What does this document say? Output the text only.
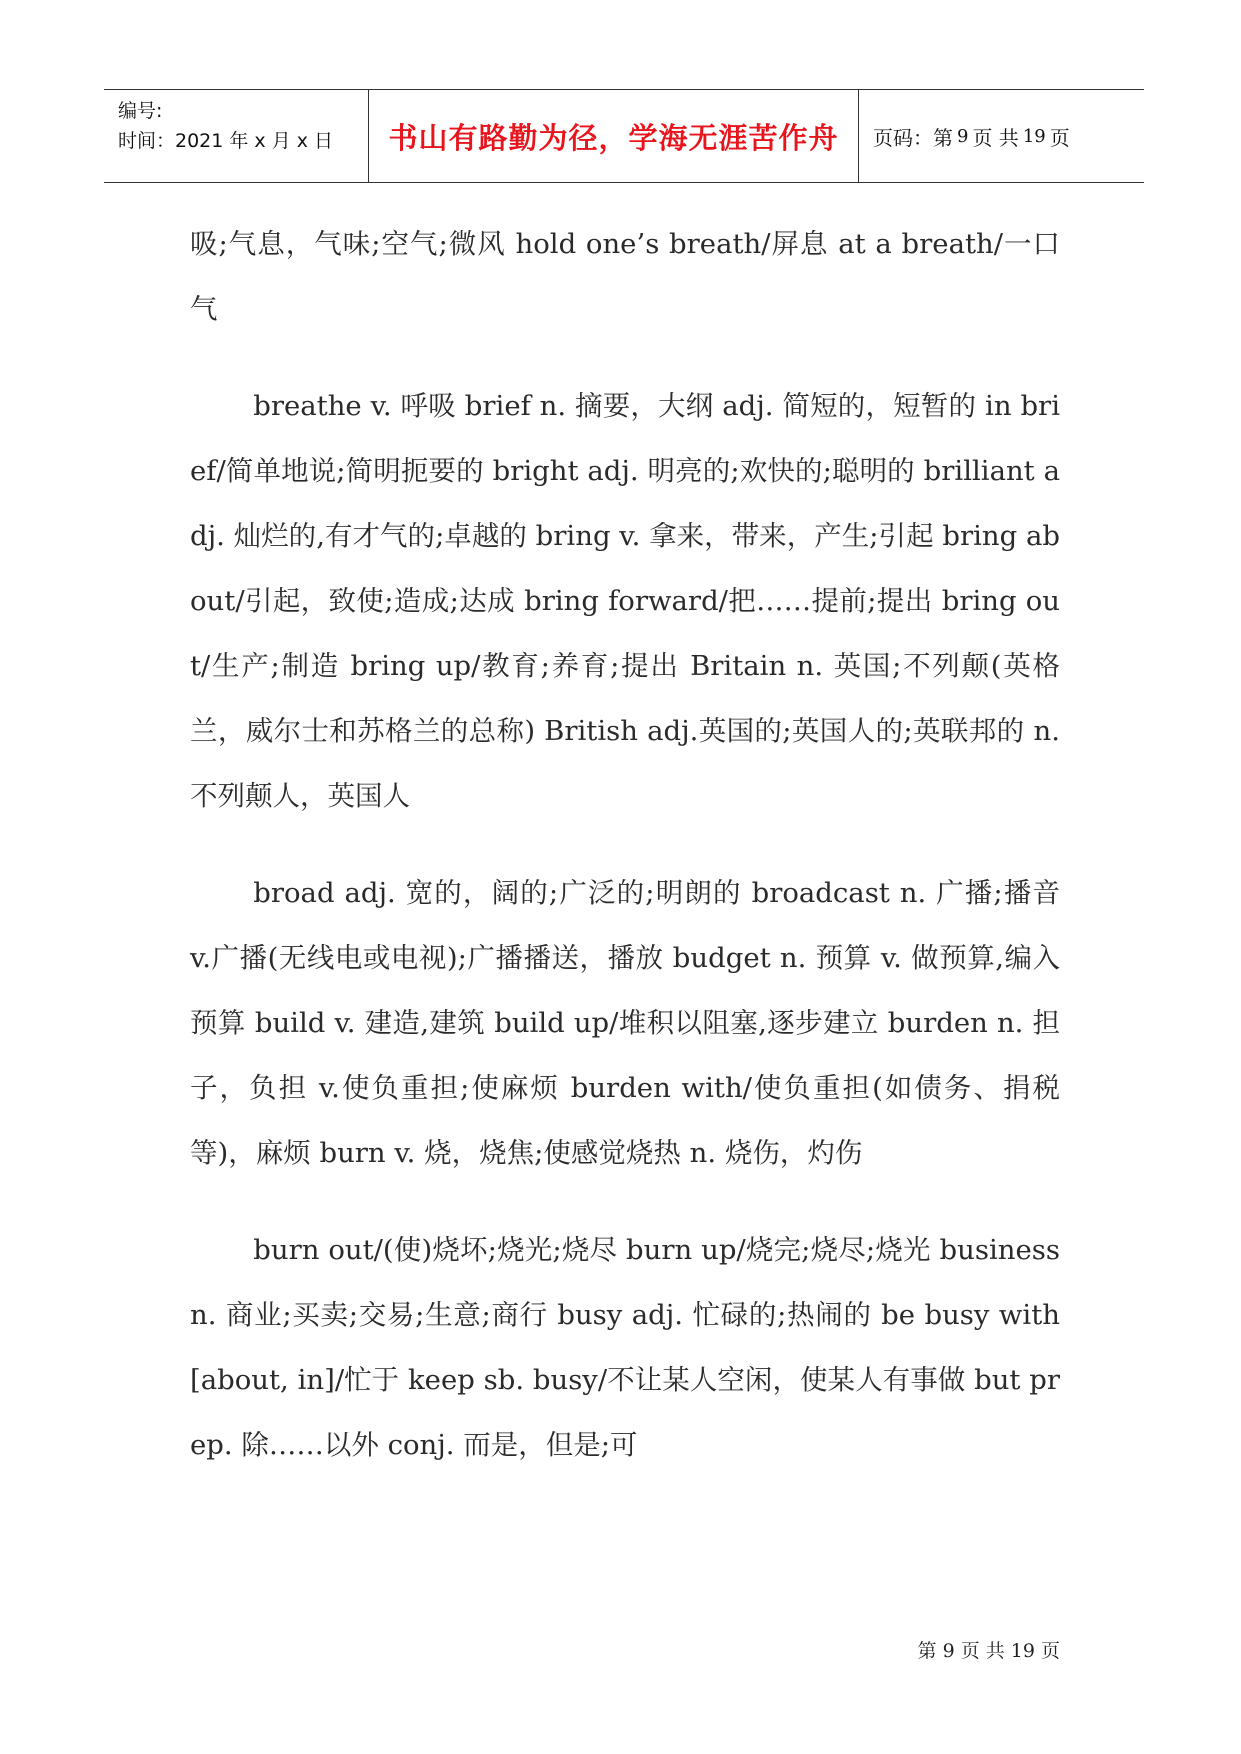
编号:
时间：2021 年 x 月 x 日	书山有路勤为径，学海无涯苦作舟	页码：第 9 页 共 19 页

吸;气息，气味;空气;微风 hold one’s breath/屏息 at a breath/一口气

breathe v. 呼吸 brief n. 摘要，大纲 adj. 简短的，短暂的 in brief/简单地说;简明扼要的 bright adj. 明亮的;欢快的;聪明的 brilliant adj. 灿烂的,有才气的;卓越的 bring v. 拿来，带来，产生;引起 bring about/引起，致使;造成;达成 bring forward/把……提前;提出 bring out/生产;制造 bring up/教育;养育;提出 Britain n. 英国;不列颠(英格兰，威尔士和苏格兰的总称) British adj.英国的;英国人的;英联邦的 n. 不列颠人，英国人

broad adj. 宽的，阔的;广泛的;明朗的 broadcast n. 广播;播音 v.广播(无线电或电视);广播播送，播放 budget n. 预算 v. 做预算,编入预算 build v. 建造,建筑 build up/堆积以阻塞,逐步建立 burden n. 担子，负担 v.使负重担;使麻烦 burden with/使负重担(如债务、捐税等)，麻烦 burn v. 烧，烧焦;使感觉烧热 n. 烧伤，灼伤

burn out/(使)烧坏;烧光;烧尽 burn up/烧完;烧尽;烧光 business n. 商业;买卖;交易;生意;商行 busy adj. 忙碌的;热闹的 be busy with [about, in]/忙于 keep sb. busy/不让某人空闲，使某人有事做 but prep. 除……以外 conj. 而是，但是;可

第 9 页 共 19 页
